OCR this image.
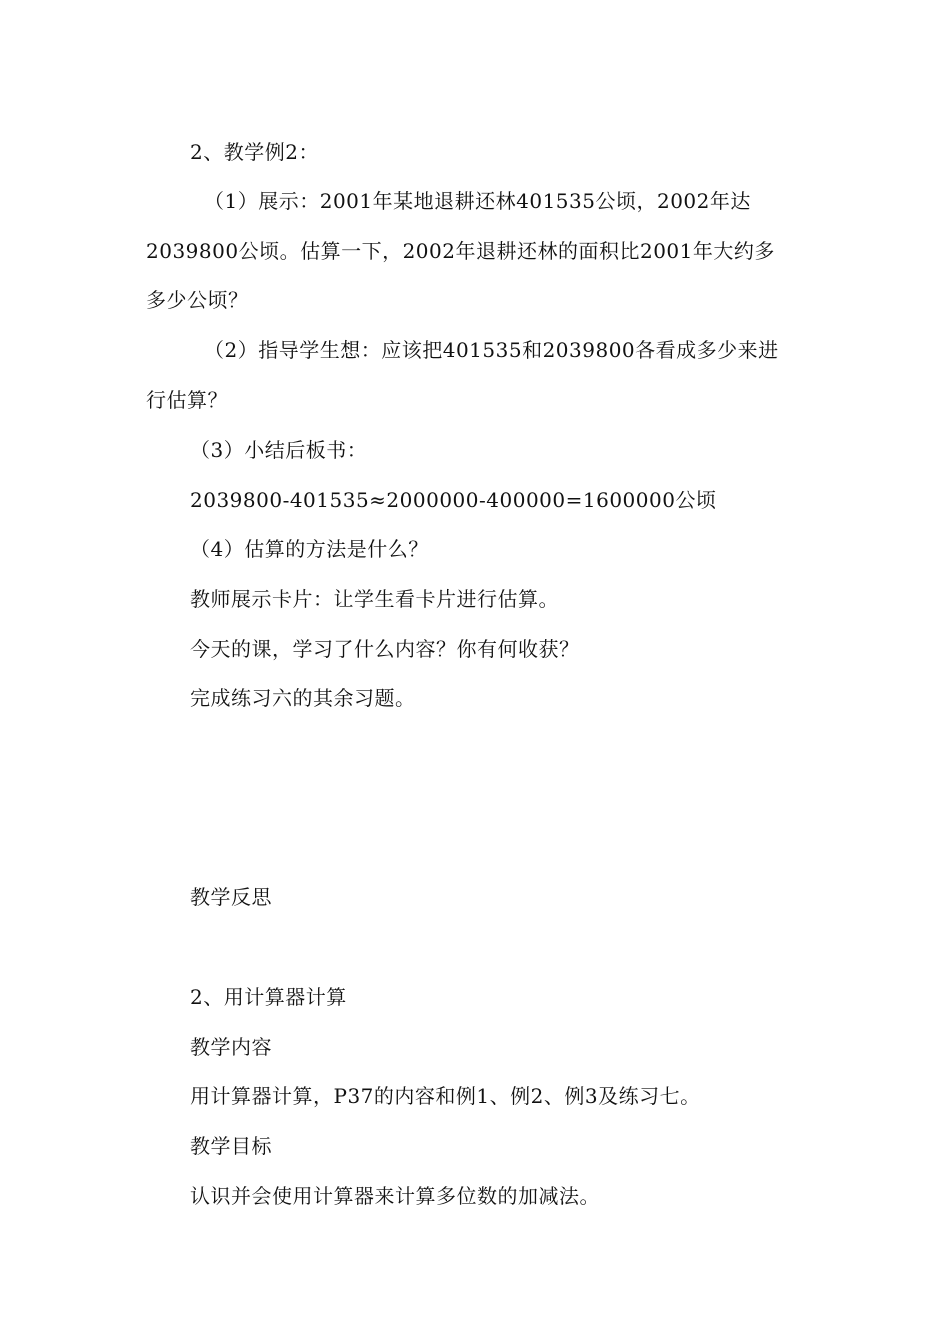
2、教学例2：
（1）展示：2001年某地退耕还林401535公顷，2002年达
2039800公顷。估算一下，2002年退耕还林的面积比2001年大约多
多少公顷？
（2）指导学生想：应该把401535和2039800各看成多少来进
行估算？
（3）小结后板书：
2039800-401535≈2000000-400000=1600000公顷
（4）估算的方法是什么？
教师展示卡片：让学生看卡片进行估算。
今天的课，学习了什么内容？你有何收获？
完成练习六的其余习题。
教学反思
2、用计算器计算
教学内容
用计算器计算，P37的内容和例1、例2、例3及练习七。
教学目标
认识并会使用计算器来计算多位数的加减法。
